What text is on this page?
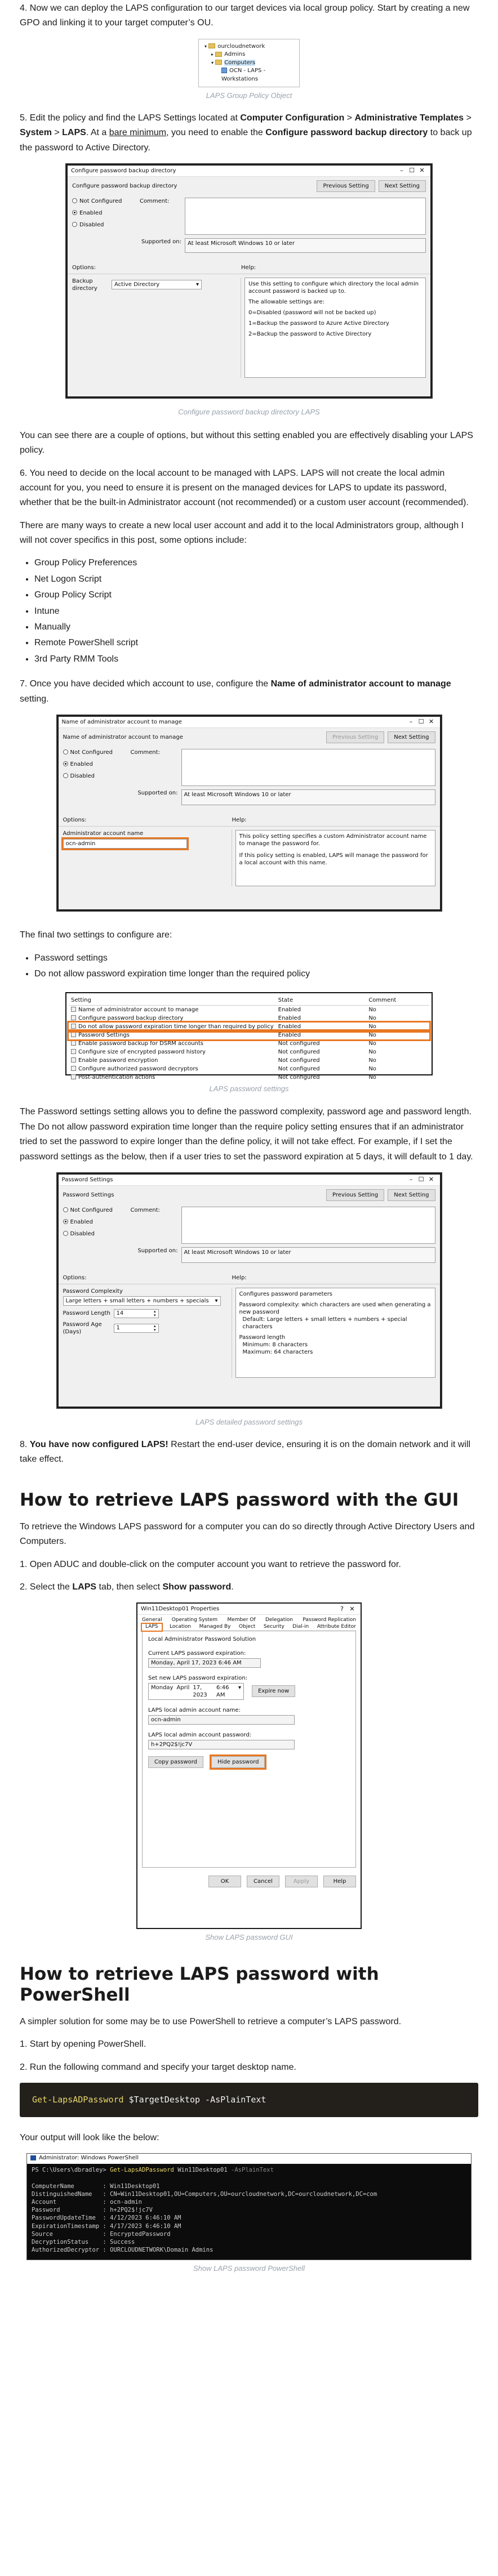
4. Now we can deploy the LAPS configuration to our target devices via local group policy. Start by creating a new GPO and linking it to your target computer’s OU.

▾ ourcloudnetwork
▸ Admins
▾ Computers
OCN - LAPS - Workstations
LAPS Group Policy Object

5. Edit the policy and find the LAPS Settings located at Computer Configuration > Administrative Templates > System > LAPS. At a bare minimum, you need to enable the Configure password backup directory to back up the password to Active Directory.

Configure password backup directory	– ☐ ✕
Configure password backup directory	Previous Setting	Next Setting
Not Configured
Enabled
Disabled
Comment:
Supported on:	At least Microsoft Windows 10 or later
Options:	Help:
Backup directory
Active Directory	▾	Use this setting to configure which directory the local admin account password is backed up to.
The allowable settings are:
0=Disabled (password will not be backed up)
1=Backup the password to Azure Active Directory
2=Backup the password to Active Directory
Configure password backup directory LAPS

You can see there are a couple of options, but without this setting enabled you are effectively disabling your LAPS policy.

6. You need to decide on the local account to be managed with LAPS. LAPS will not create the local admin account for you, you need to ensure it is present on the managed devices for LAPS to update its password, whether that be the built-in Administrator account (not recommended) or a custom user account (recommended).

There are many ways to create a new local user account and add it to the local Administrators group, although I will not cover specifics in this post, some options include:

• Group Policy Preferences
• Net Logon Script
• Group Policy Script
• Intune
• Manually
• Remote PowerShell script
• 3rd Party RMM Tools

7. Once you have decided which account to use, configure the Name of administrator account to manage setting.

Name of administrator account to manage	– ☐ ✕
Name of administrator account to manage	Previous Setting	Next Setting
Not Configured
Enabled
Disabled
Comment:
Supported on:	At least Microsoft Windows 10 or later
Options:	Help:
Administrator account name
ocn-admin
This policy setting specifies a custom Administrator account name to manage the password for.
If this policy setting is enabled, LAPS will manage the password for a local account with this name.

The final two settings to configure are:

• Password settings
• Do not allow password expiration time longer than the required policy
Setting	State	Comment
Name of administrator account to manage	Enabled	No
Configure password backup directory	Enabled	No
Do not allow password expiration time longer than required by policy	Enabled	No
Password Settings	Enabled	No
Enable password backup for DSRM accounts	Not configured	No
Configure size of encrypted password history	Not configured	No
Enable password encryption	Not configured	No
Configure authorized password decryptors	Not configured	No
Post-authentication actions	Not configured	No
LAPS password settings

The Password settings setting allows you to define the password complexity, password age and password length. The Do not allow password expiration time longer than the require policy setting ensures that if an administrator tried to set the password to expire longer than the define policy, it will not take effect. For example, if I set the password settings as the below, then if a user tries to set the password expiration at 5 days, it will default to 1 day.

Password Settings	– ☐ ✕
Password Settings	Previous Setting	Next Setting
Not Configured
Enabled
Disabled
Comment:
Supported on:	At least Microsoft Windows 10 or later
Options:	Help:
Password Complexity
Large letters + small letters + numbers + specials	▾
Password Length	14	▴
▾
Password Age (Days)
1	▴
▾
Configures password parameters
Password complexity: which characters are used when generating a new password
Default: Large letters + small letters + numbers + special characters
Password length
Minimum: 8 characters
Maximum: 64 characters
LAPS detailed password settings

8. You have now configured LAPS! Restart the end-user device, ensuring it is on the domain network and it will take effect.

How to retrieve LAPS password with the GUI

To retrieve the Windows LAPS password for a computer you can do so directly through Active Directory Users and Computers.

1. Open ADUC and double-click on the computer account you want to retrieve the password for.

2. Select the LAPS tab, then select Show password.

Win11Desktop01 Properties	? ✕
General Operating System Member Of Delegation Password Replication
LAPS	Location Managed By Object Security Dial-in Attribute Editor
Local Administrator Password Solution
Current LAPS password expiration:
Monday, April 17, 2023 6:46 AM
Set new LAPS password expiration:
Monday April 17, 2023
6:46 AM
▾
Expire now
LAPS local admin account name:
ocn-admin
LAPS local admin account password:
h+2PQ2$!jc7V
Copy password	Hide password
OK	Cancel	Apply	Help
Show LAPS password GUI
How to retrieve LAPS password with PowerShell

A simpler solution for some may be to use PowerShell to retrieve a computer’s LAPS password.

1. Start by opening PowerShell.

2. Run the following command and specify your target desktop name.

Get-LapsADPassword $TargetDesktop -AsPlainText

Your output will look like the below:

Administrator: Windows PowerShell
PS C:\Users\dbradley> Get-LapsADPassword Win11Desktop01 -AsPlainText

ComputerName        : Win11Desktop01
DistinguishedName   : CN=Win11Desktop01,OU=Computers,OU=ourcloudnetwork,DC=ourcloudnetwork,DC=com
Account             : ocn-admin
Password            : h+2PQ2$!jc7V
PasswordUpdateTime  : 4/12/2023 6:46:10 AM
ExpirationTimestamp : 4/17/2023 6:46:10 AM
Source              : EncryptedPassword
DecryptionStatus    : Success
AuthorizedDecryptor : OURCLOUDNETWORK\Domain Admins
Show LAPS password PowerShell
